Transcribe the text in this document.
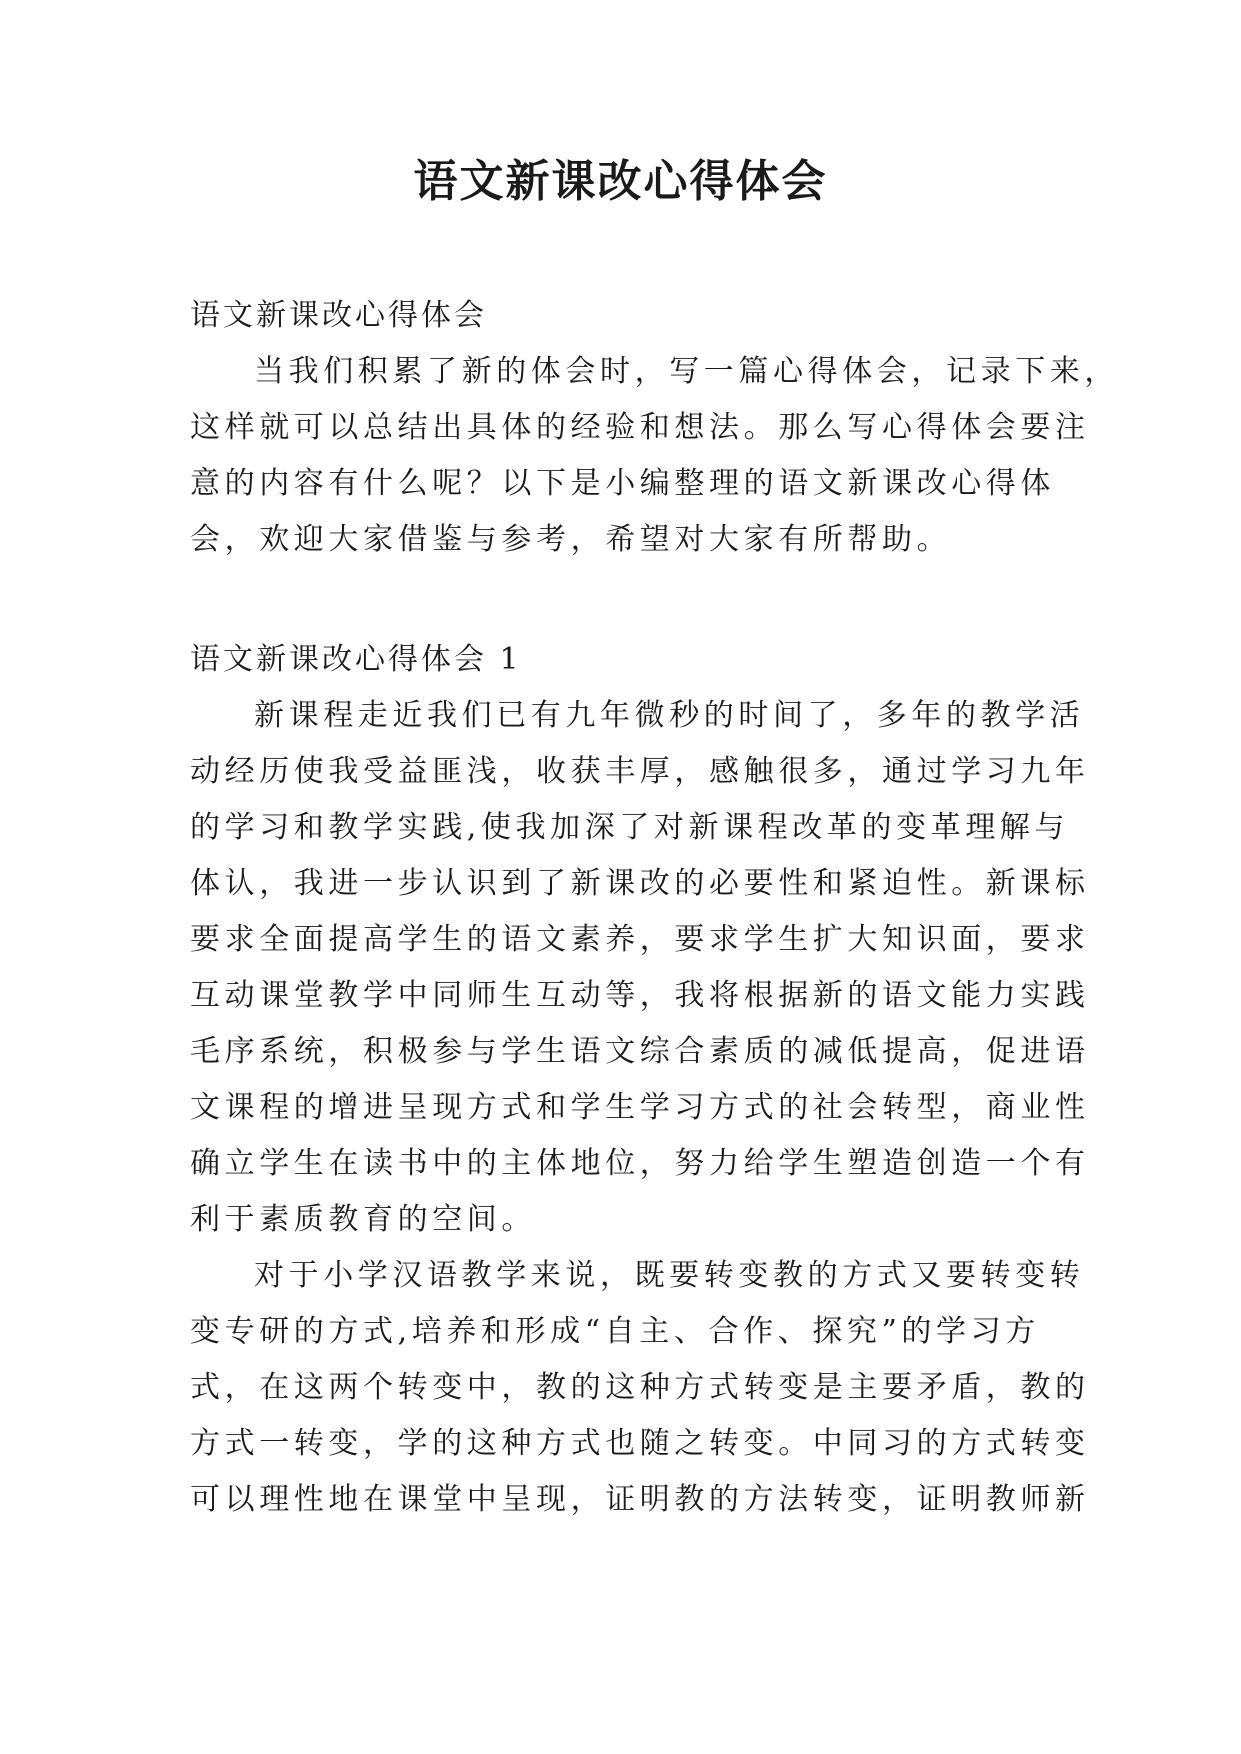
语文新课改心得体会

语文新课改心得体会

当我们积累了新的体会时，写一篇心得体会，记录下来，

这样就可以总结出具体的经验和想法。那么写心得体会要注

意的内容有什么呢？以下是小编整理的语文新课改心得体

会，欢迎大家借鉴与参考，希望对大家有所帮助。

语文新课改心得体会 1

新课程走近我们已有九年微秒的时间了，多年的教学活

动经历使我受益匪浅，收获丰厚，感触很多，通过学习九年

的学习和教学实践,使我加深了对新课程改革的变革理解与

体认，我进一步认识到了新课改的必要性和紧迫性。新课标

要求全面提高学生的语文素养，要求学生扩大知识面，要求

互动课堂教学中同师生互动等，我将根据新的语文能力实践

毛序系统，积极参与学生语文综合素质的减低提高，促进语

文课程的增进呈现方式和学生学习方式的社会转型，商业性

确立学生在读书中的主体地位，努力给学生塑造创造一个有

利于素质教育的空间。

对于小学汉语教学来说，既要转变教的方式又要转变转

变专研的方式,培养和形成“自主、合作、探究”的学习方

式，在这两个转变中，教的这种方式转变是主要矛盾，教的

方式一转变，学的这种方式也随之转变。中同习的方式转变

可以理性地在课堂中呈现，证明教的方法转变，证明教师新
